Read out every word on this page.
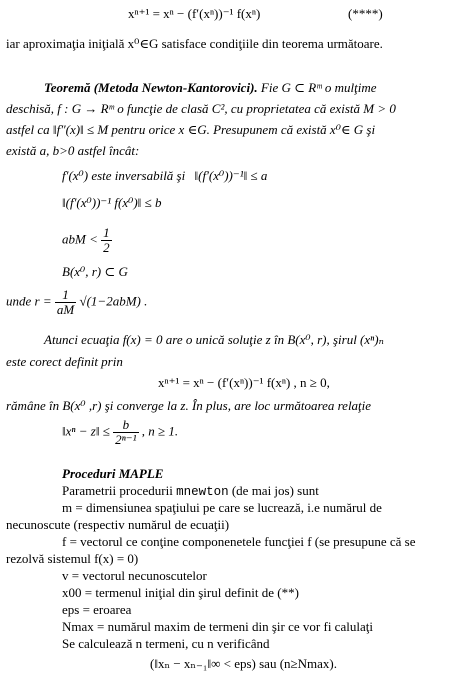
xⁿ⁺¹ = xⁿ − (f′(xⁿ))⁻¹ f(xⁿ)	(****)
iar aproximaţia iniţială x⁰∈G satisface condiţiile din teorema următoare.
Teoremă (Metoda Newton-Kantorovici). Fie G ⊂ Rᵐ o mulţime
deschisă, f : G → Rᵐ o funcţie de clasă C², cu proprietatea că există M > 0
astfel ca ‖f″(x)‖ ≤ M pentru orice x ∈G. Presupunem că există x⁰∈ G şi
există a, b>0 astfel încât:
f′(x⁰) este inversabilă şi ‖(f′(x⁰))⁻¹‖ ≤ a
‖(f′(x⁰))⁻¹ f(x⁰)‖ ≤ b
abM < $\frac{1}{2}$
B(x⁰, r) ⊂ G
unde $r = \frac{1}{aM} √(1-2abM)$ .
Atunci ecuaţia f(x) = 0 are o unică soluţie z în B(x⁰, r), şirul (xⁿ)ₙ
este corect definit prin
xⁿ⁺¹ = xⁿ − (f′(xⁿ))⁻¹ f(xⁿ) , n ≥ 0,
rămâne în B(x⁰ ,r) şi converge la z. În plus, are loc următoarea relaţie
‖xⁿ − z‖ ≤ $\frac{b}{\text{2ⁿ⁻¹}}$ , n ≥ 1.
Proceduri MAPLE
Parametrii procedurii mnewton (de mai jos) sunt
m = dimensiunea spaţiului pe care se lucrează, i.e numărul de
necunoscute (respectiv numărul de ecuaţii)
f = vectorul ce conţine componenetele funcţiei f (se presupune că se
rezolvă sistemul f(x) = 0)
v = vectorul necunoscutelor
x00 = termenul iniţial din şirul definit de (**)
eps = eroarea
Nmax = numărul maxim de termeni din şir ce vor fi calulaţi
Se calculează n termeni, cu n verificând
(‖xₙ − xₙ₋₁‖∞ < eps) sau (n≥Nmax).
